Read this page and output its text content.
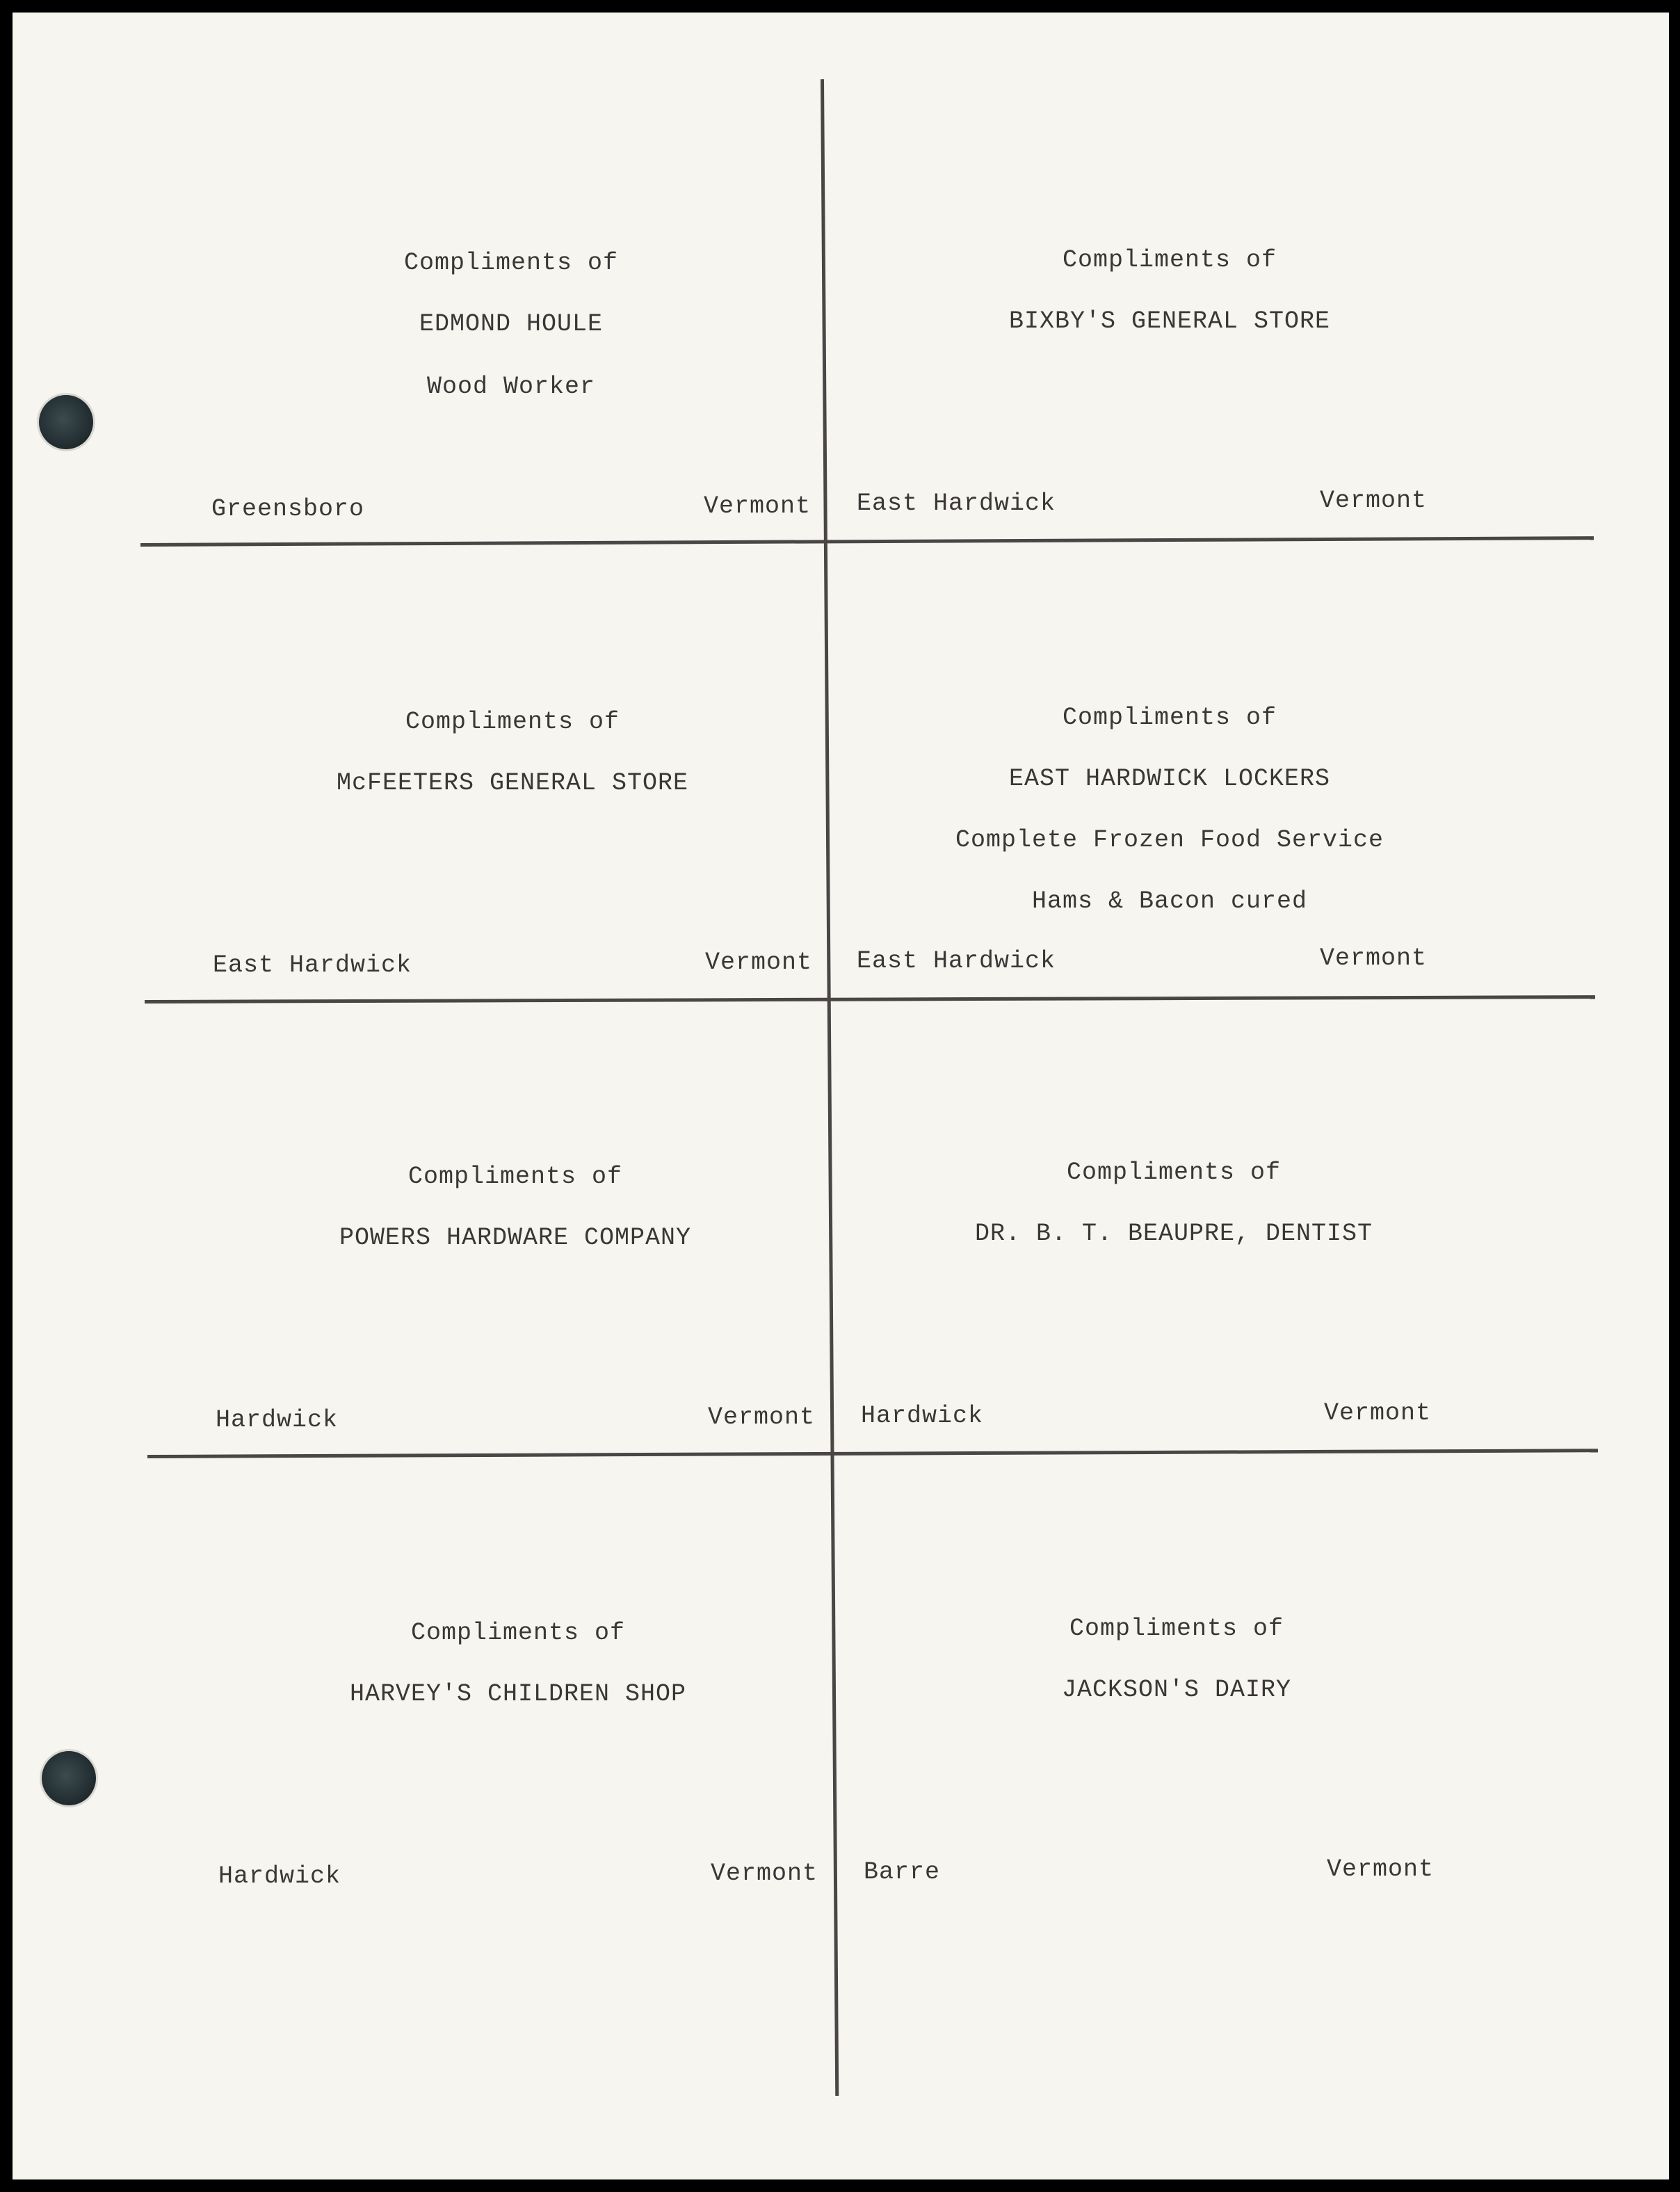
Compliments of
EDMOND HOULE
Wood Worker
Greensboro	Vermont
Compliments of
BIXBY'S GENERAL STORE
East Hardwick	Vermont
Compliments of
McFEETERS GENERAL STORE
East Hardwick	Vermont
Compliments of
EAST HARDWICK LOCKERS
Complete Frozen Food Service
Hams & Bacon cured
East Hardwick	Vermont
Compliments of
POWERS HARDWARE COMPANY
Hardwick	Vermont
Compliments of
DR. B. T. BEAUPRE, DENTIST
Hardwick	Vermont
Compliments of
HARVEY'S CHILDREN SHOP
Hardwick	Vermont
Compliments of
JACKSON'S DAIRY
Barre	Vermont
